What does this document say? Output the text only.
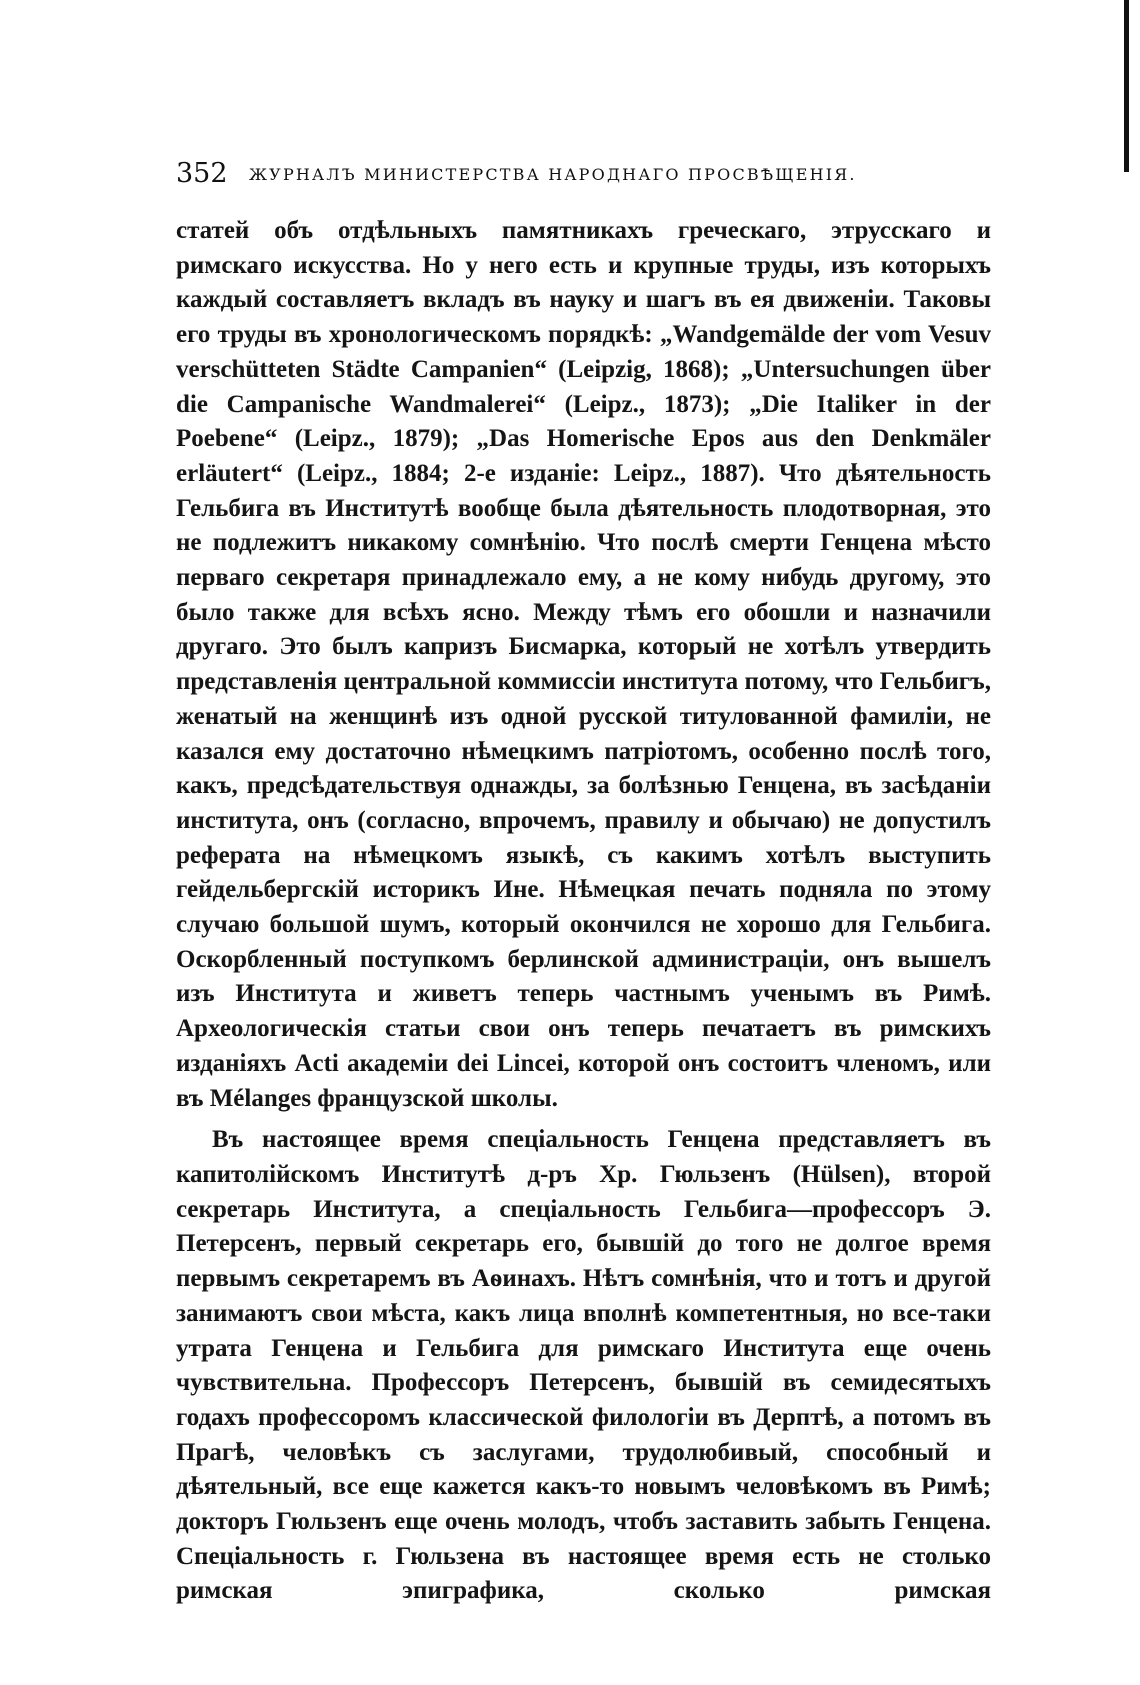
352 ЖУРНАЛЪ МИНИСТЕРСТВА НАРОДНАГО ПРОСВѢЩЕНІЯ.

статей объ отдѣльныхъ памятникахъ греческаго, этрусскаго и римскаго искусства. Но у него есть и крупные труды, изъ которыхъ каждый составляетъ вкладъ въ науку и шагъ въ ея движеніи. Таковы его труды въ хронологическомъ порядкѣ: „Wandgemälde der vom Vesuv verschütteten Städte Campanien“ (Leipzig, 1868); „Untersuchungen über die Campanische Wandmalerei“ (Leipz., 1873); „Die Italiker in der Poebene“ (Leipz., 1879); „Das Homerische Epos aus den Denkmäler erläutert“ (Leipz., 1884; 2-е изданіе: Leipz., 1887). Что дѣятельность Гельбига въ Институтѣ вообще была дѣятельность плодотворная, это не подлежитъ никакому сомнѣнію. Что послѣ смерти Генцена мѣсто перваго секретаря принадлежало ему, а не кому нибудь другому, это было также для всѣхъ ясно. Между тѣмъ его обошли и назначили другаго. Это былъ капризъ Бисмарка, который не хотѣлъ утвердить представленія центральной коммиссіи института потому, что Гельбигъ, женатый на женщинѣ изъ одной русской титулованной фамиліи, не казался ему достаточно нѣмецкимъ патріотомъ, особенно послѣ того, какъ, предсѣдательствуя однажды, за болѣзнью Генцена, въ засѣданіи института, онъ (согласно, впрочемъ, правилу и обычаю) не допустилъ реферата на нѣмецкомъ языкѣ, съ какимъ хотѣлъ выступить гейдельбергскій историкъ Ине. Нѣмецкая печать подняла по этому случаю большой шумъ, который окончился не хорошо для Гельбига. Оскорбленный поступкомъ берлинской администраціи, онъ вышелъ изъ Института и живетъ теперь частнымъ ученымъ въ Римѣ. Археологическія статьи свои онъ теперь печатаетъ въ римскихъ изданіяхъ Acti академіи dei Lincei, которой онъ состоитъ членомъ, или въ Mélanges французской школы.

Въ настоящее время спеціальность Генцена представляетъ въ капитолійскомъ Институтѣ д-ръ Хр. Гюльзенъ (Hülsen), второй секретарь Института, а спеціальность Гельбига—профессоръ Э. Петерсенъ, первый секретарь его, бывшій до того не долгое время первымъ секретаремъ въ Аѳинахъ. Нѣтъ сомнѣнія, что и тотъ и другой занимаютъ свои мѣста, какъ лица вполнѣ компетентныя, но все-таки утрата Генцена и Гельбига для римскаго Института еще очень чувствительна. Профессоръ Петерсенъ, бывшій въ семидесятыхъ годахъ профессоромъ классической филологіи въ Дерптѣ, а потомъ въ Прагѣ, человѣкъ съ заслугами, трудолюбивый, способный и дѣятельный, все еще кажется какъ-то новымъ человѣкомъ въ Римѣ; докторъ Гюльзенъ еще очень молодъ, чтобъ заставить забыть Генцена. Спеціальность г. Гюльзена въ настоящее время есть не столько римская эпиграфика, сколько римская
